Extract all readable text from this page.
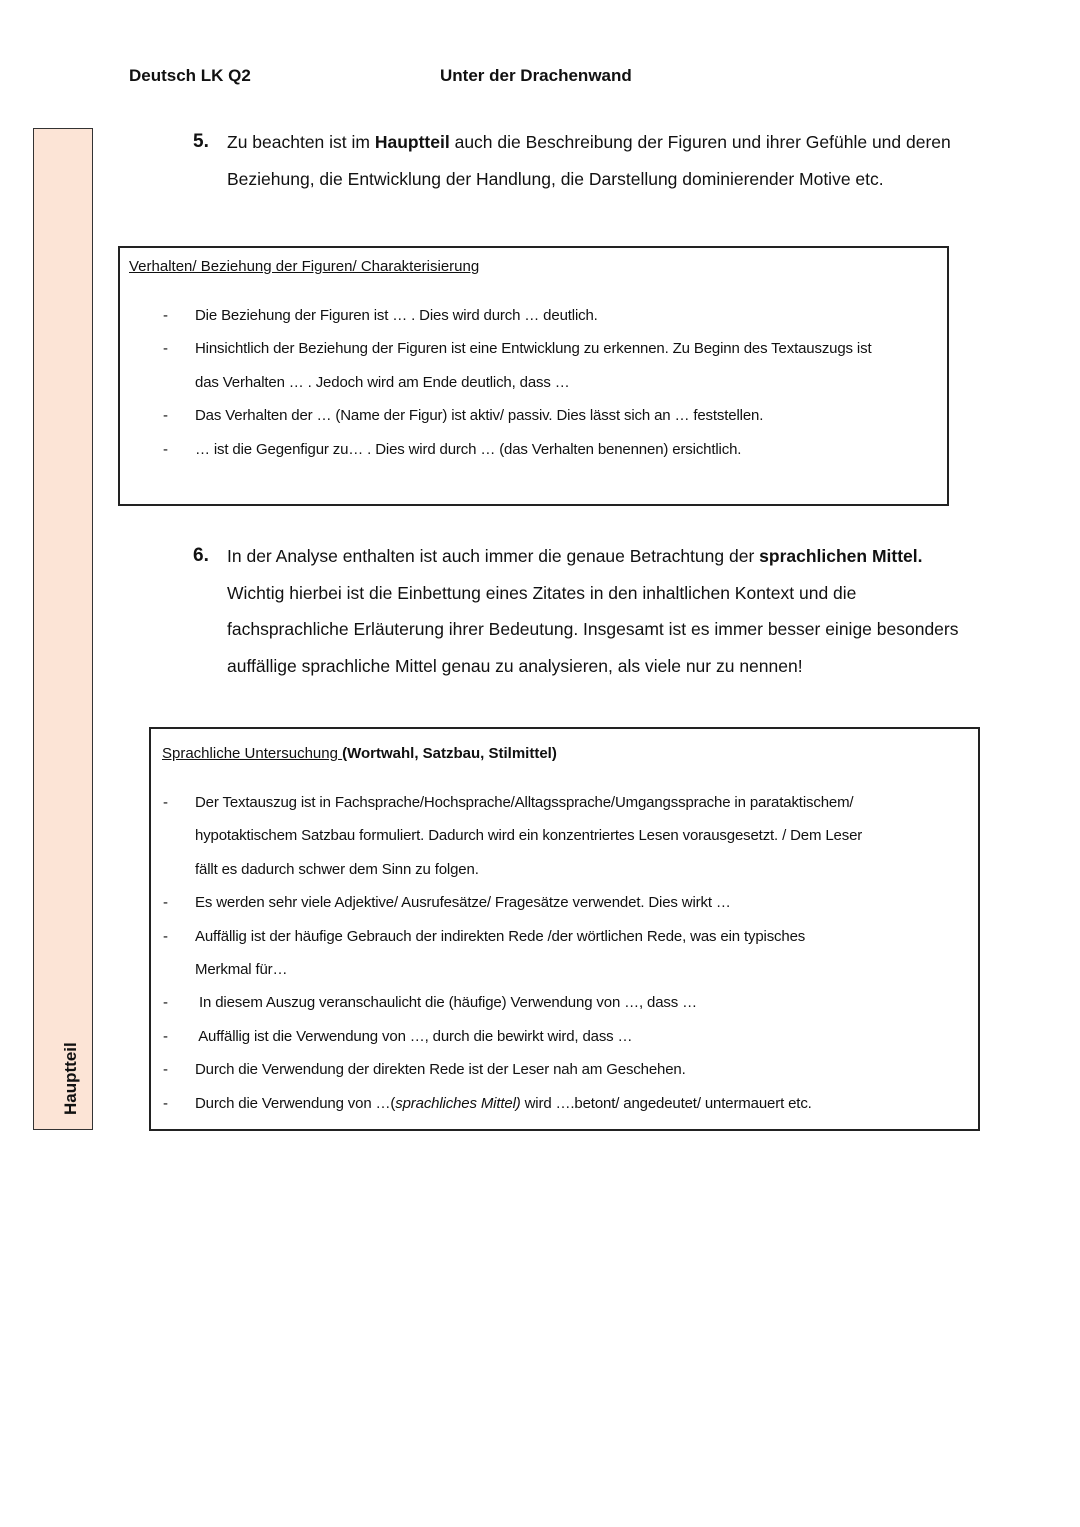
Deutsch LK Q2	Unter der Drachenwand
Hauptteil
5. Zu beachten ist im Hauptteil auch die Beschreibung der Figuren und ihrer Gefühle und deren Beziehung, die Entwicklung der Handlung, die Darstellung dominierender Motive etc.
Verhalten/ Beziehung der Figuren/ Charakterisierung
- Die Beziehung der Figuren ist … . Dies wird durch … deutlich.
- Hinsichtlich der Beziehung der Figuren ist eine Entwicklung zu erkennen. Zu Beginn des Textauszugs ist
das Verhalten … . Jedoch wird am Ende deutlich, dass …
- Das Verhalten der … (Name der Figur) ist aktiv/ passiv. Dies lässt sich an … feststellen.
- … ist die Gegenfigur zu… . Dies wird durch … (das Verhalten benennen) ersichtlich.
6. In der Analyse enthalten ist auch immer die genaue Betrachtung der sprachlichen Mittel. Wichtig hierbei ist die Einbettung eines Zitates in den inhaltlichen Kontext und die fachsprachliche Erläuterung ihrer Bedeutung. Insgesamt ist es immer besser einige besonders auffällige sprachliche Mittel genau zu analysieren, als viele nur zu nennen!
Sprachliche Untersuchung (Wortwahl, Satzbau, Stilmittel)
- Der Textauszug ist in Fachsprache/Hochsprache/Alltagssprache/Umgangssprache in parataktischem/
hypotaktischem Satzbau formuliert. Dadurch wird ein konzentriertes Lesen vorausgesetzt. / Dem Leser
fällt es dadurch schwer dem Sinn zu folgen.
- Es werden sehr viele Adjektive/ Ausrufesätze/ Fragesätze verwendet. Dies wirkt …
- Auffällig ist der häufige Gebrauch der indirekten Rede /der wörtlichen Rede, was ein typisches
Merkmal für…
- In diesem Auszug veranschaulicht die (häufige) Verwendung von …, dass …
- Auffällig ist die Verwendung von …, durch die bewirkt wird, dass …
- Durch die Verwendung der direkten Rede ist der Leser nah am Geschehen.
- Durch die Verwendung von …(sprachliches Mittel) wird ….betont/ angedeutet/ untermauert etc.
